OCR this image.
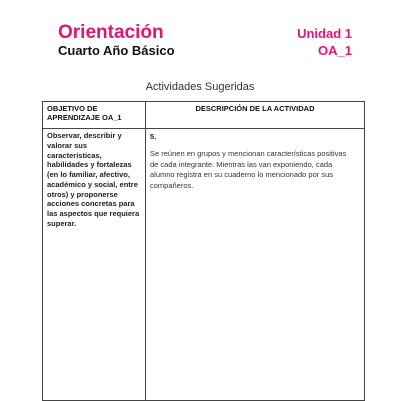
Orientación
Cuarto Año Básico
Unidad 1
OA_1
Actividades Sugeridas
OBJETIVO DE APRENDIZAJE OA_1	DESCRIPCIÓN DE LA ACTIVIDAD
Observar, describir y valorar sus características, habilidades y fortalezas (en lo familiar, afectivo, académico y social, entre otros) y proponerse acciones concretas para las aspectos que requiera superar.	5.
Se reúnen en grupos y mencionan características positivas de cada integrante. Mientras las van exponiendo, cada alumno registra en su cuaderno lo mencionado por sus compañeros.
